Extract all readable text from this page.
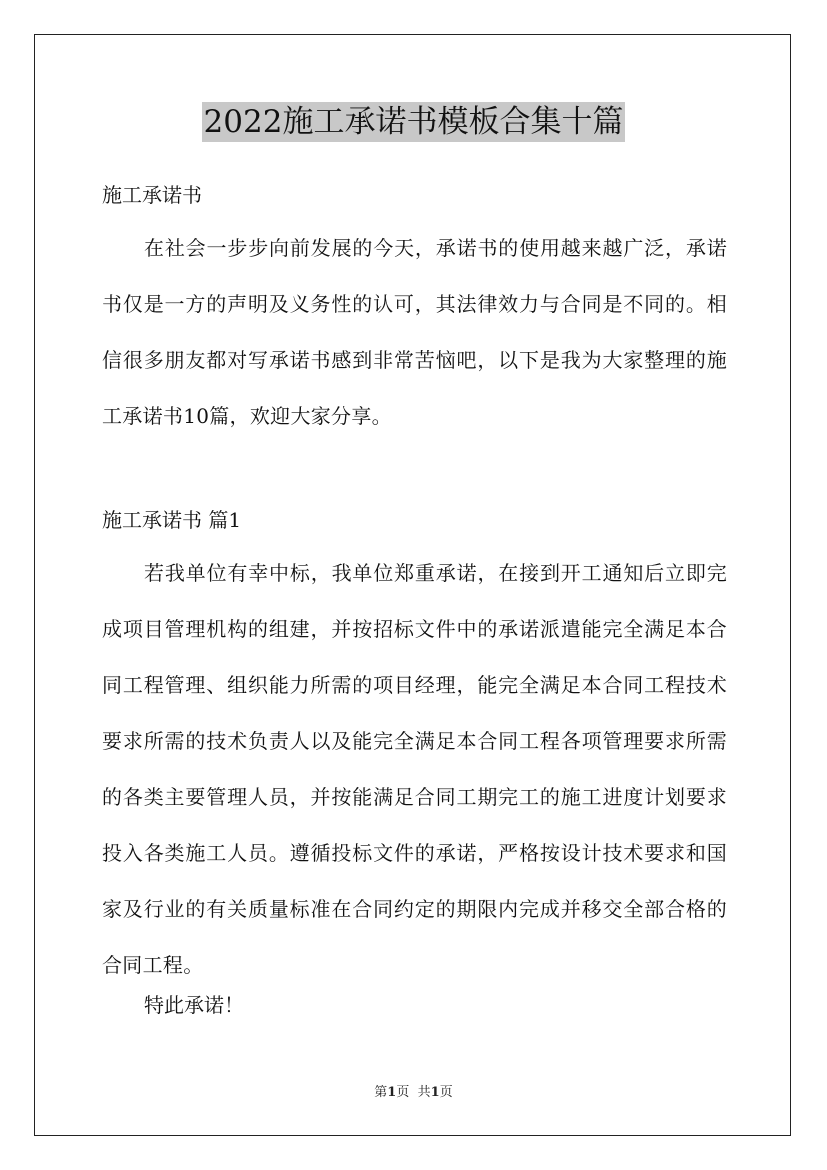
2022施工承诺书模板合集十篇
施工承诺书
在社会一步步向前发展的今天，承诺书的使用越来越广泛，承诺书仅是一方的声明及义务性的认可，其法律效力与合同是不同的。相信很多朋友都对写承诺书感到非常苦恼吧，以下是我为大家整理的施工承诺书10篇，欢迎大家分享。
施工承诺书 篇1
若我单位有幸中标，我单位郑重承诺，在接到开工通知后立即完成项目管理机构的组建，并按招标文件中的承诺派遣能完全满足本合同工程管理、组织能力所需的项目经理，能完全满足本合同工程技术要求所需的技术负责人以及能完全满足本合同工程各项管理要求所需的各类主要管理人员，并按能满足合同工期完工的施工进度计划要求投入各类施工人员。遵循投标文件的承诺，严格按设计技术要求和国家及行业的有关质量标准在合同约定的期限内完成并移交全部合格的合同工程。
特此承诺！
第1页 共1页
